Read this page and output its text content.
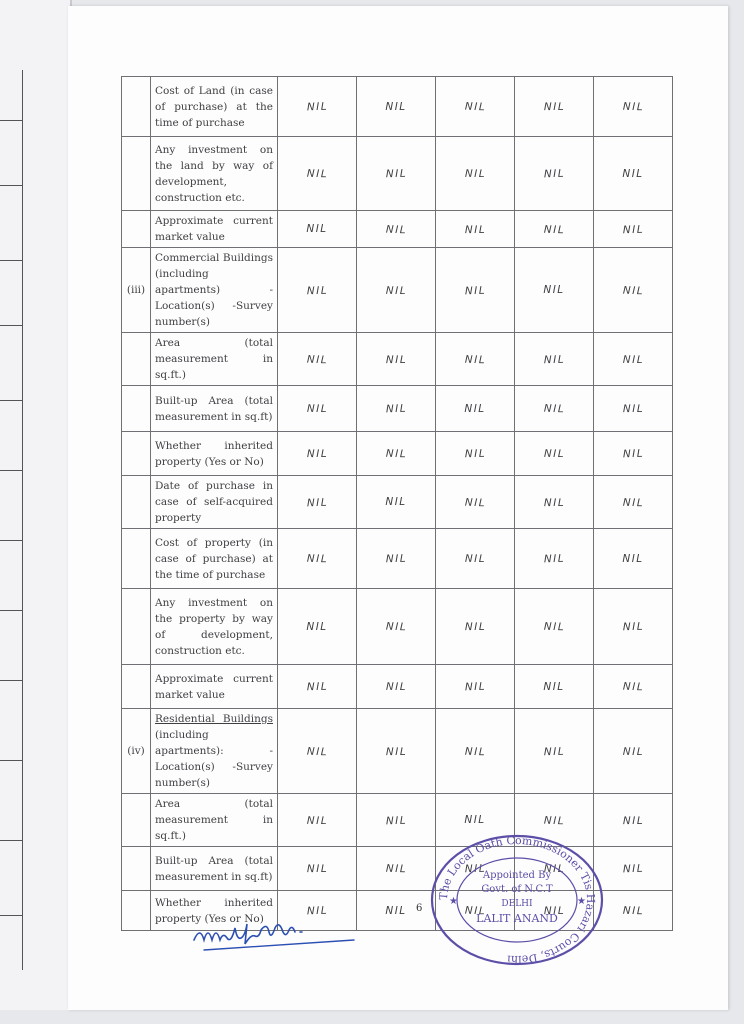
	Cost of Land (in case of purchase) at the time of purchase	NIL	NIL	NIL	NIL	NIL
	Any investment on the land by way of development, construction etc.	NIL	NIL	NIL	NIL	NIL
	Approximate current market value	NIL	NIL	NIL	NIL	NIL
(iii)	Commercial Buildings (including apartments) -Location(s) -Survey number(s)	NIL	NIL	NIL	NIL	NIL
	Area (total measurement in sq.ft.)	NIL	NIL	NIL	NIL	NIL
	Built-up Area (total measurement in sq.ft)	NIL	NIL	NIL	NIL	NIL
	Whether inherited property (Yes or No)	NIL	NIL	NIL	NIL	NIL
	Date of purchase in case of self-acquired property	NIL	NIL	NIL	NIL	NIL
	Cost of property (in case of purchase) at the time of purchase	NIL	NIL	NIL	NIL	NIL
	Any investment on the property by way of development, construction etc.	NIL	NIL	NIL	NIL	NIL
	Approximate current market value	NIL	NIL	NIL	NIL	NIL
(iv)	Residential Buildings (including apartments): -Location(s) -Survey number(s)	NIL	NIL	NIL	NIL	NIL
	Area (total measurement in sq.ft.)	NIL	NIL	NIL	NIL	NIL
	Built-up Area (total measurement in sq.ft)	NIL	NIL	NIL	NIL	NIL
	Whether inherited property (Yes or No)	NIL	NIL	NIL	NIL	NIL
6
The Local Oath Commissioner Tis Hazari Courts, Delhi
Appointed By
Govt. of N.C.T
DELHI
LALIT ANAND
★	★
